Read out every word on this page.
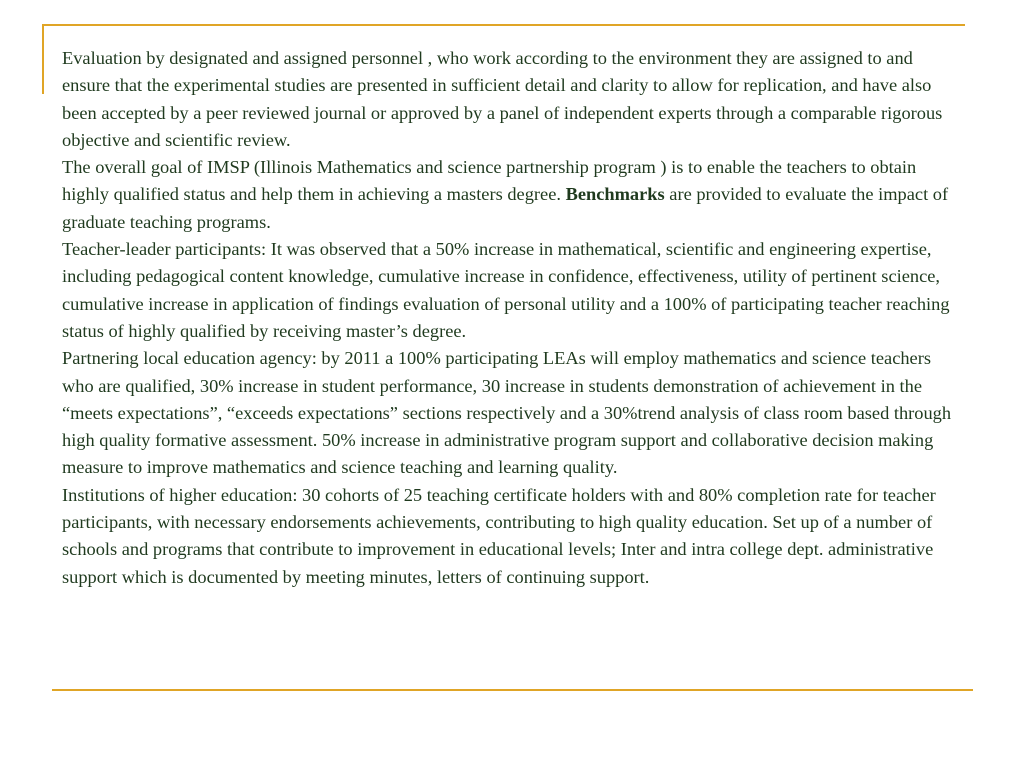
Evaluation by designated and assigned personnel , who work according to the environment they are assigned to and ensure that the experimental studies are presented in sufficient detail and clarity to allow for replication, and have also been accepted by a peer reviewed journal or approved by a panel of independent experts through a comparable rigorous objective and scientific review.

The overall goal of IMSP (Illinois Mathematics and science partnership program ) is to enable the teachers to obtain highly qualified status and help them in achieving a masters degree. Benchmarks are provided to evaluate the impact of graduate teaching programs.

Teacher-leader participants: It was observed that a 50% increase in mathematical, scientific and engineering expertise, including pedagogical content knowledge, cumulative increase in confidence, effectiveness, utility of pertinent science, cumulative increase in application of findings evaluation of personal utility and a 100% of participating teacher reaching status of highly qualified by receiving master’s degree.

Partnering local education agency: by 2011 a 100% participating LEAs will employ mathematics and science teachers who are qualified, 30% increase in student performance, 30 increase in students demonstration of achievement in the “meets expectations”, “exceeds expectations” sections respectively and a 30%trend analysis of class room based through high quality formative assessment. 50% increase in administrative program support and collaborative decision making measure to improve mathematics and science teaching and learning quality.

Institutions of higher education: 30 cohorts of 25 teaching certificate holders with and 80% completion rate for teacher participants, with necessary endorsements achievements, contributing to high quality education. Set up of a number of schools and programs that contribute to improvement in educational levels; Inter and intra college dept. administrative support which is documented by meeting minutes, letters of continuing support.
